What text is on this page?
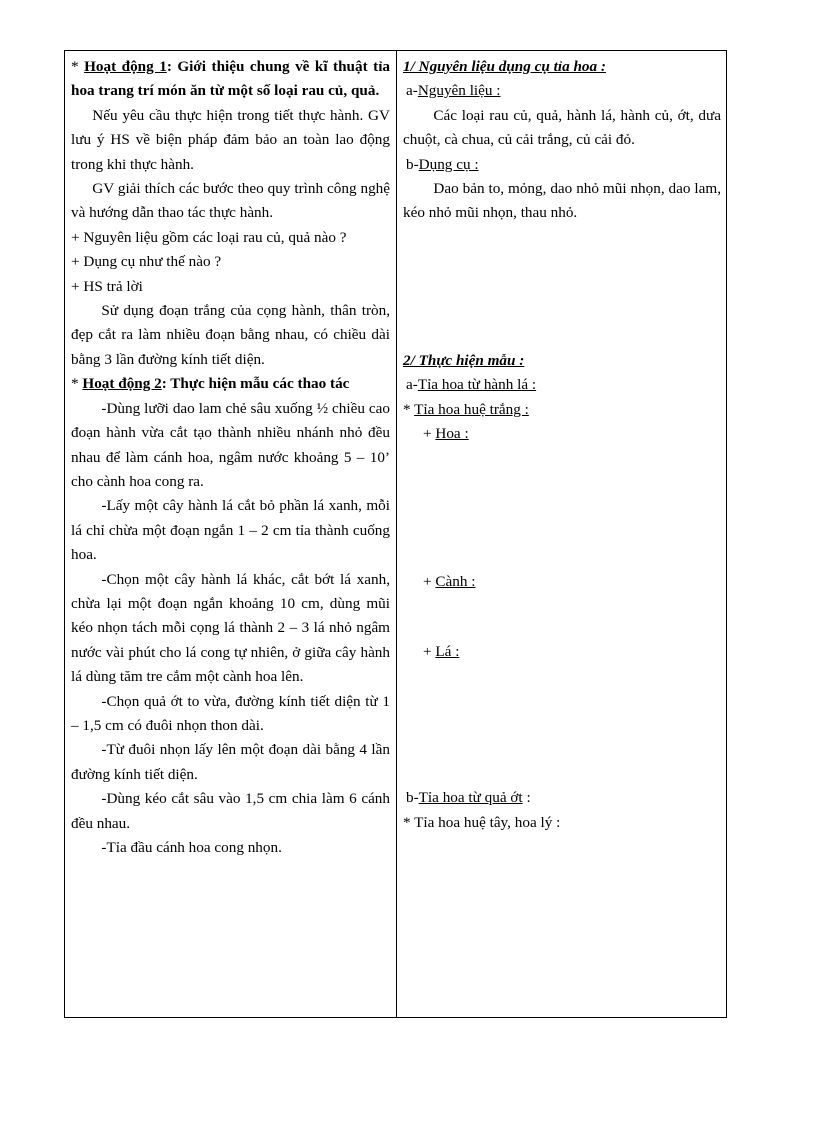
* Hoạt động 1: Giới thiệu chung về kĩ thuật tỉa hoa trang trí món ăn từ một số loại rau củ, quả.

Nếu yêu cầu thực hiện trong tiết thực hành. GV lưu ý HS về biện pháp đảm bảo an toàn lao động trong khi thực hành.

GV giải thích các bước theo quy trình công nghệ và hướng dẫn thao tác thực hành.

+ Nguyên liệu gồm các loại rau củ, quả nào ?

+ Dụng cụ như thế nào ?

+ HS trả lời

Sử dụng đoạn trắng của cọng hành, thân tròn, đẹp cắt ra làm nhiều đoạn bằng nhau, có chiều dài bằng 3 lần đường kính tiết diện.

* Hoạt động 2: Thực hiện mẫu các thao tác

-Dùng lưỡi dao lam chẻ sâu xuống ½ chiều cao đoạn hành vừa cắt tạo thành nhiều nhánh nhỏ đều nhau để làm cánh hoa, ngâm nước khoảng 5 – 10’ cho cành hoa cong ra.

-Lấy một cây hành lá cắt bỏ phần lá xanh, mỗi lá chỉ chừa một đoạn ngắn 1 – 2 cm tỉa thành cuống hoa.

-Chọn một cây hành lá khác, cắt bớt lá xanh, chừa lại một đoạn ngắn khoảng 10 cm, dùng mũi kéo nhọn tách mỗi cọng lá thành 2 – 3 lá nhỏ ngâm nước vài phút cho lá cong tự nhiên, ở giữa cây hành lá dùng tăm tre cắm một cành hoa lên.

-Chọn quả ớt to vừa, đường kính tiết diện từ 1 – 1,5 cm có đuôi nhọn thon dài.

-Từ đuôi nhọn lấy lên một đoạn dài bằng 4 lần đường kính tiết diện.

-Dùng kéo cắt sâu vào 1,5 cm chia làm 6 cánh đều nhau.

-Tỉa đầu cánh hoa cong nhọn.

1/ Nguyên liệu dụng cụ tỉa hoa :

a-Nguyên liệu :

Các loại rau củ, quả, hành lá, hành củ, ớt, dưa chuột, cà chua, củ cải trắng, củ cải đỏ.

b-Dụng cụ :

Dao bản to, mỏng, dao nhỏ mũi nhọn, dao lam, kéo nhỏ mũi nhọn, thau nhỏ.

2/ Thực hiện mẫu :

a-Tỉa hoa từ hành lá :

* Tỉa hoa huệ trắng :

+ Hoa :

+ Cành :

+ Lá :

b-Tỉa hoa từ quả ớt :

* Tỉa hoa huệ tây, hoa lý :
